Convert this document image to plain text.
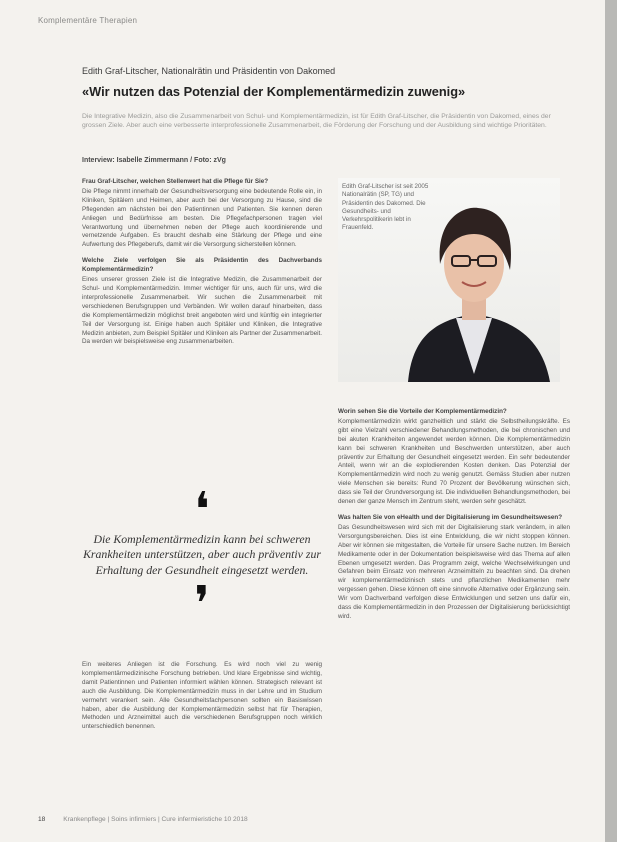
Komplementäre Therapien
Edith Graf-Litscher, Nationalrätin und Präsidentin von Dakomed
«Wir nutzen das Potenzial der Komplementärmedizin zuwenig»
Die Integrative Medizin, also die Zusammenarbeit von Schul- und Komplementärmedizin, ist für Edith Graf-Litscher, die Präsidentin von Dakomed, eines der grossen Ziele. Aber auch eine verbesserte interprofessionelle Zusammenarbeit, die Förderung der Forschung und der Ausbildung sind wichtige Prioritäten.
Interview: Isabelle Zimmermann / Foto: zVg
Frau Graf-Litscher, welchen Stellenwert hat die Pflege für Sie?

Die Pflege nimmt innerhalb der Gesundheitsversorgung eine bedeutende Rolle ein, in Kliniken, Spitälern und Heimen, aber auch bei der Versorgung zu Hause, sind die Pflegenden am nächsten bei den Patientinnen und Patienten. Sie kennen deren Anliegen und Bedürfnisse am besten. Die Pflegefachpersonen tragen viel Verantwortung und übernehmen neben der Pflege auch koordinierende und vernetzende Aufgaben. Es braucht deshalb eine Stärkung der Pflege und eine Aufwertung des Pflegeberufs, damit wir die Versorgung sicherstellen können.

Welche Ziele verfolgen Sie als Präsidentin des Dachverbands Komplementärmedizin?

Eines unserer grossen Ziele ist die Integrative Medizin, die Zusammenarbeit der Schul- und Komplementärmedizin. Immer wichtiger für uns, auch für uns, wird die interprofessionelle Zusammenarbeit. Wir suchen die Zusammenarbeit mit verschiedenen Berufsgruppen und Verbänden. Wir wollen darauf hinarbeiten, dass die Komplementärmedizin möglichst breit angeboten wird und künftig ein integrierter Teil der Versorgung ist. Einige haben auch Spitäler und Kliniken, die Integrative Medizin anbieten, zum Beispiel Spitäler und Kliniken als Partner der Zusammenarbeit. Da werden wir beispielsweise eng zusammenarbeiten.

❛

Die Komplementärmedizin kann bei schweren Krankheiten unterstützen, aber auch präventiv zur Erhaltung der Gesundheit eingesetzt werden.

❜

Ein weiteres Anliegen ist die Forschung. Es wird noch viel zu wenig komplementärmedizinische Forschung betrieben. Und klare Ergebnisse sind wichtig, damit Patientinnen und Patienten informiert wählen können. Strategisch relevant ist auch die Ausbildung. Die Komplementärmedizin muss in der Lehre und im Studium vermehrt verankert sein. Alle Gesundheitsfachpersonen sollten ein Basiswissen haben, aber die Ausbildung der Komplementärmedizin selbst hat für Therapien, Methoden und Arzneimittel auch die verschiedenen Berufsgruppen noch wirklich unterschiedlich benennen.

Edith Graf-Litscher ist seit 2005 Nationalrätin (SP, TG) und Präsidentin des Dakomed. Die Gesundheits- und Verkehrspolitikerin lebt in Frauenfeld.
Worin sehen Sie die Vorteile der Komplementärmedizin?

Komplementärmedizin wirkt ganzheitlich und stärkt die Selbstheilungskräfte. Es gibt eine Vielzahl verschiedener Behandlungsmethoden, die bei chronischen und bei akuten Krankheiten angewendet werden können. Die Komplementärmedizin kann bei schweren Krankheiten und Beschwerden unterstützen, aber auch präventiv zur Erhaltung der Gesundheit eingesetzt werden. Ein sehr bedeutender Anteil, wenn wir an die explodierenden Kosten denken. Das Potenzial der Komplementärmedizin wird noch zu wenig genutzt. Gemäss Studien aber nutzen viele Menschen sie bereits: Rund 70 Prozent der Bevölkerung wünschen sich, dass sie Teil der Grundversorgung ist. Die individuellen Behandlungsmethoden, bei denen der ganze Mensch im Zentrum steht, werden sehr geschätzt.

Was halten Sie von eHealth und der Digitalisierung im Gesundheitswesen?

Das Gesundheitswesen wird sich mit der Digitalisierung stark verändern, in allen Versorgungsbereichen. Dies ist eine Entwicklung, die wir nicht stoppen können. Aber wir können sie mitgestalten, die Vorteile für unsere Sache nutzen. Im Bereich Medikamente oder in der Dokumentation beispielsweise wird das Thema auf allen Ebenen umgesetzt werden. Das Programm zeigt, welche Wechselwirkungen und Gefahren beim Einsatz von mehreren Arzneimitteln zu beachten sind. Da drehen wir komplementärmedizinisch stets und pflanzlichen Medikamenten mehr vergessen gehen. Diese können oft eine sinnvolle Alternative oder Ergänzung sein. Wir vom Dachverband verfolgen diese Entwicklungen und setzen uns dafür ein, dass die Komplementärmedizin in den Prozessen der Digitalisierung berücksichtigt wird.

18	Krankenpflege | Soins infirmiers | Cure infermieristiche 10 2018
